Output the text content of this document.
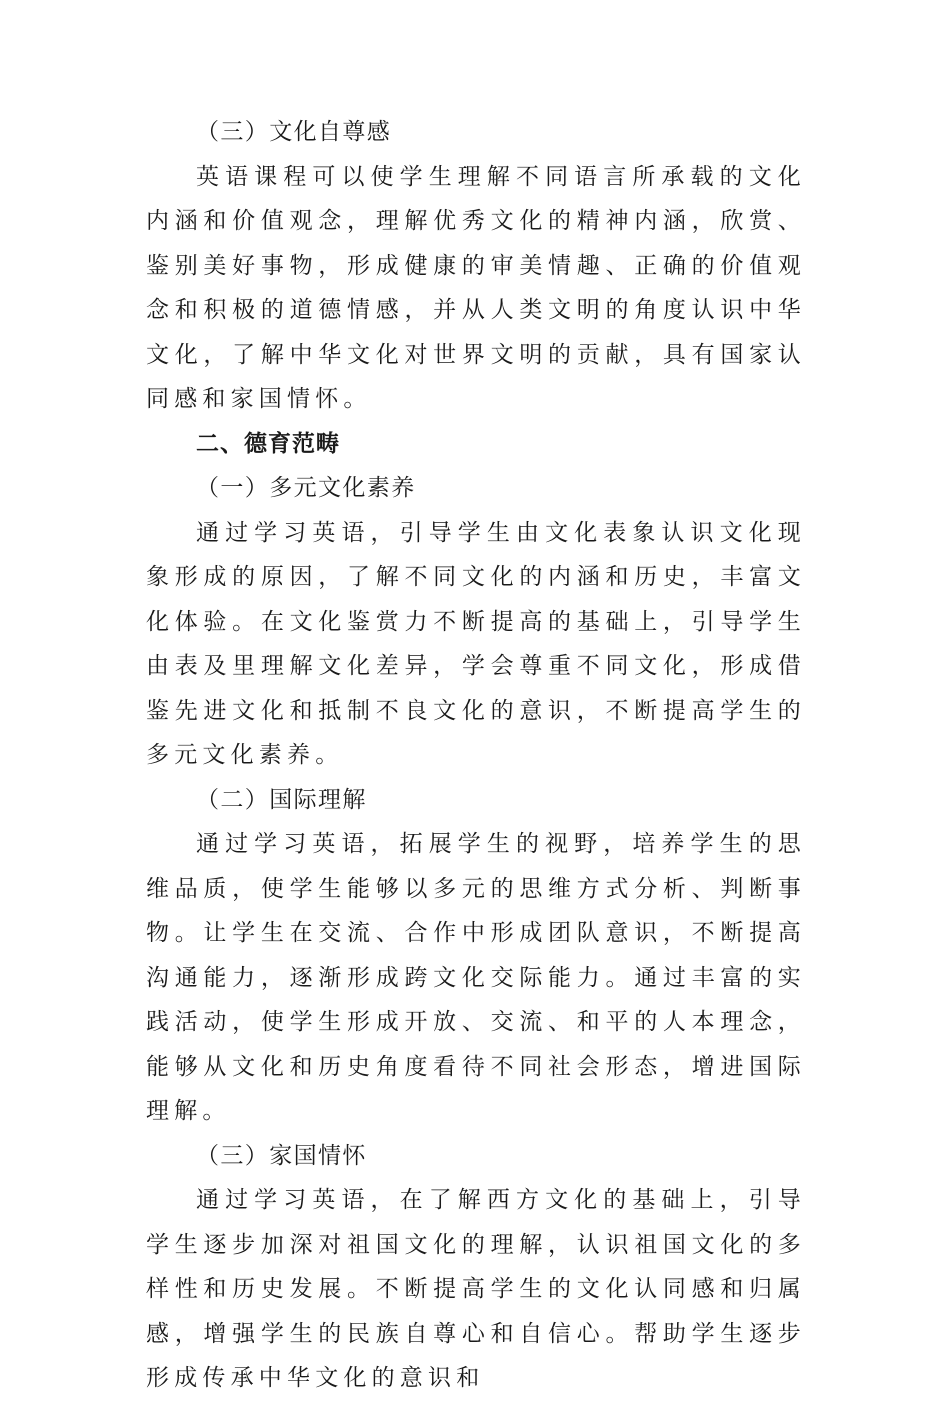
（三）文化自尊感

英语课程可以使学生理解不同语言所承载的文化内涵和价值观念，理解优秀文化的精神内涵，欣赏、鉴别美好事物，形成健康的审美情趣、正确的价值观念和积极的道德情感，并从人类文明的角度认识中华文化，了解中华文化对世界文明的贡献，具有国家认同感和家国情怀。

二、德育范畴
（一）多元文化素养

通过学习英语，引导学生由文化表象认识文化现象形成的原因，了解不同文化的内涵和历史，丰富文化体验。在文化鉴赏力不断提高的基础上，引导学生由表及里理解文化差异，学会尊重不同文化，形成借鉴先进文化和抵制不良文化的意识，不断提高学生的多元文化素养。

（二）国际理解

通过学习英语，拓展学生的视野，培养学生的思维品质，使学生能够以多元的思维方式分析、判断事物。让学生在交流、合作中形成团队意识，不断提高沟通能力，逐渐形成跨文化交际能力。通过丰富的实践活动，使学生形成开放、交流、和平的人本理念，能够从文化和历史角度看待不同社会形态，增进国际理解。

（三）家国情怀

通过学习英语，在了解西方文化的基础上，引导学生逐步加深对祖国文化的理解，认识祖国文化的多样性和历史发展。不断提高学生的文化认同感和归属感，增强学生的民族自尊心和自信心。帮助学生逐步形成传承中华文化的意识和
